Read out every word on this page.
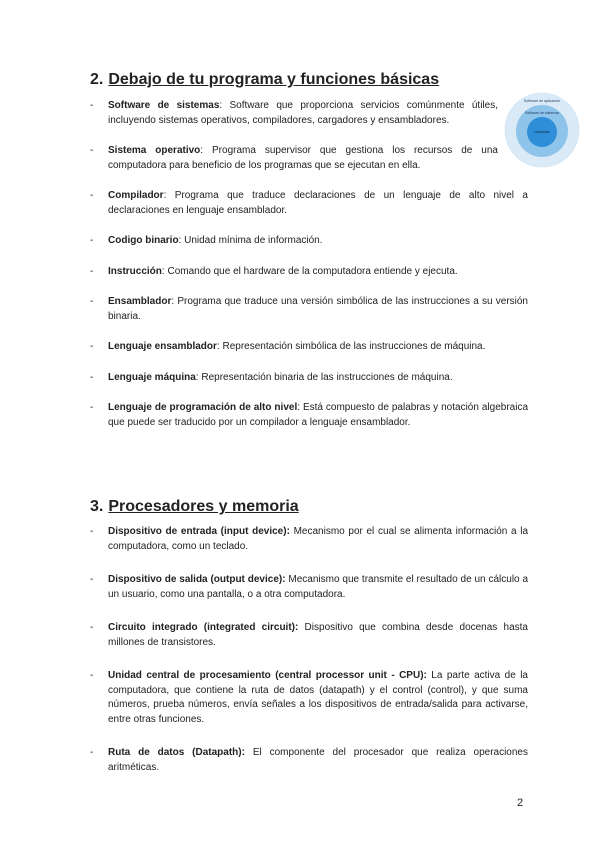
2. Debajo de tu programa y funciones básicas
- Software de sistemas: Software que proporciona servicios comúnmente útiles, incluyendo sistemas operativos, compiladores, cargadores y ensambladores.
- Sistema operativo: Programa supervisor que gestiona los recursos de una computadora para beneficio de los programas que se ejecutan en ella.
- Compilador: Programa que traduce declaraciones de un lenguaje de alto nivel a declaraciones en lenguaje ensamblador.
- Codigo binario: Unidad mínima de información.
- Instrucción: Comando que el hardware de la computadora entiende y ejecuta.
- Ensamblador: Programa que traduce una versión simbólica de las instrucciones a su versión binaria.
- Lenguaje ensamblador: Representación simbólica de las instrucciones de máquina.
- Lenguaje máquina: Representación binaria de las instrucciones de máquina.
- Lenguaje de programación de alto nivel: Está compuesto de palabras y notación algebraica que puede ser traducido por un compilador a lenguaje ensamblador.
Software de aplicación
Software de sistemas
Hardware
3. Procesadores y memoria
- Dispositivo de entrada (input device): Mecanismo por el cual se alimenta información a la computadora, como un teclado.
- Dispositivo de salida (output device): Mecanismo que transmite el resultado de un cálculo a un usuario, como una pantalla, o a otra computadora.
- Circuito integrado (integrated circuit): Dispositivo que combina desde docenas hasta millones de transistores.
- Unidad central de procesamiento (central processor unit - CPU): La parte activa de la computadora, que contiene la ruta de datos (datapath) y el control (control), y que suma números, prueba números, envía señales a los dispositivos de entrada/salida para activarse, entre otras funciones.
- Ruta de datos (Datapath): El componente del procesador que realiza operaciones aritméticas.
2
